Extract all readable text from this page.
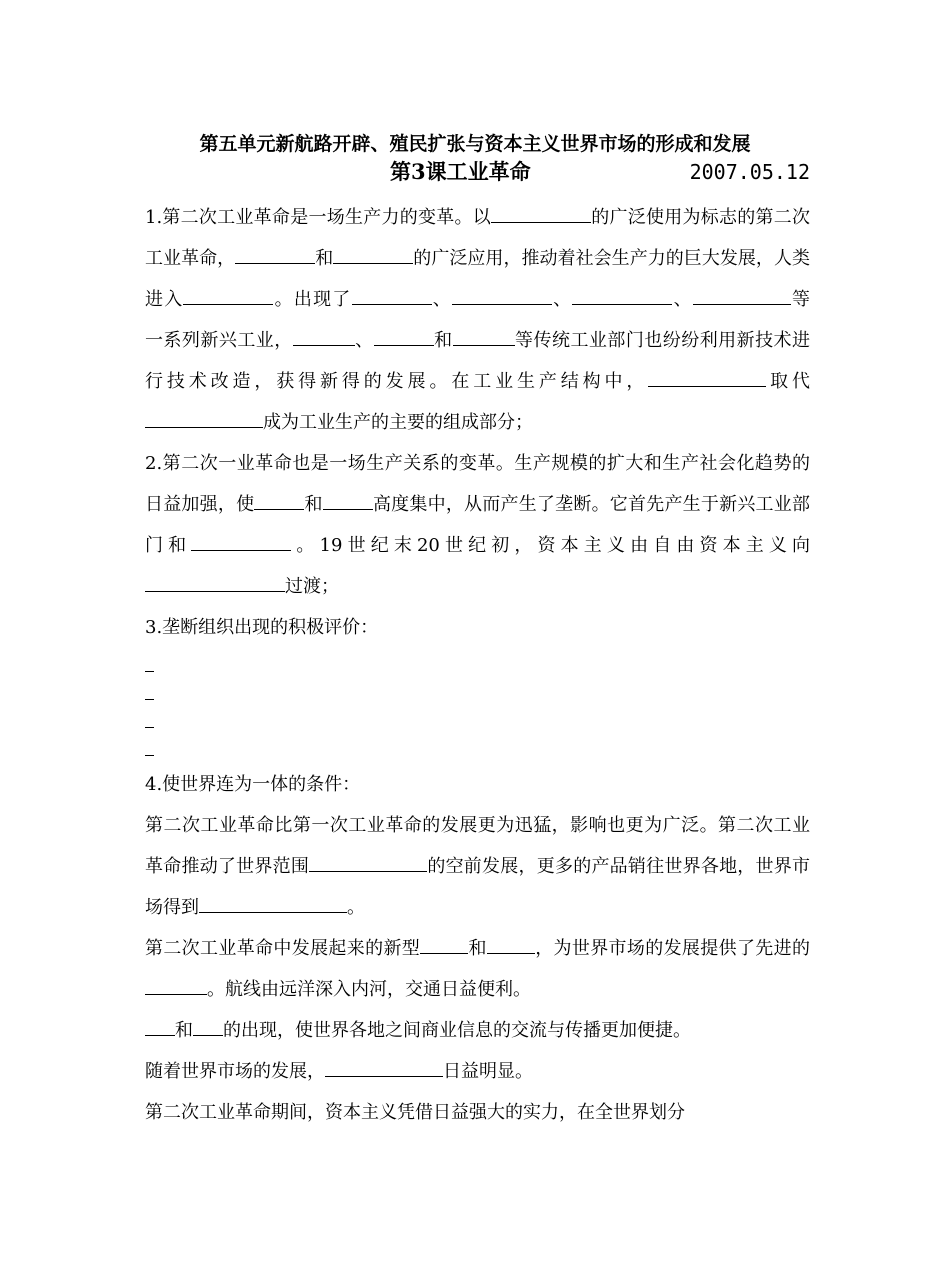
第五单元新航路开辟、殖民扩张与资本主义世界市场的形成和发展
第3课工业革命	2007.05.12

1.第二次工业革命是一场生产力的变革。以	的广泛使用为标志的第二次工业革命，	和	的广泛应用，推动着社会生产力的巨大发展，人类进入	。出现了	、	、	、	等一系列新兴工业，	、	和	等传统工业部门也纷纷利用新技术进行技术改造，获得新得的发展。在工业生产结构中，	取代成为工业生产的主要的组成部分；

2.第二次一业革命也是一场生产关系的变革。生产规模的扩大和生产社会化趋势的日益加强，使	和	高度集中，从而产生了垄断。它首先产生于新兴工业部门和	。19世纪末20世纪初，资本主义由自由资本主义向过渡；

3.垄断组织出现的积极评价：

4.使世界连为一体的条件：

第二次工业革命比第一次工业革命的发展更为迅猛，影响也更为广泛。第二次工业革命推动了世界范围	的空前发展，更多的产品销往世界各地，世界市场得到	。

第二次工业革命中发展起来的新型	和	，为世界市场的发展提供了先进的。航线由远洋深入内河，交通日益便利。

和 的出现，使世界各地之间商业信息的交流与传播更加便捷。

随着世界市场的发展，	日益明显。

第二次工业革命期间，资本主义凭借日益强大的实力，在全世界划分
